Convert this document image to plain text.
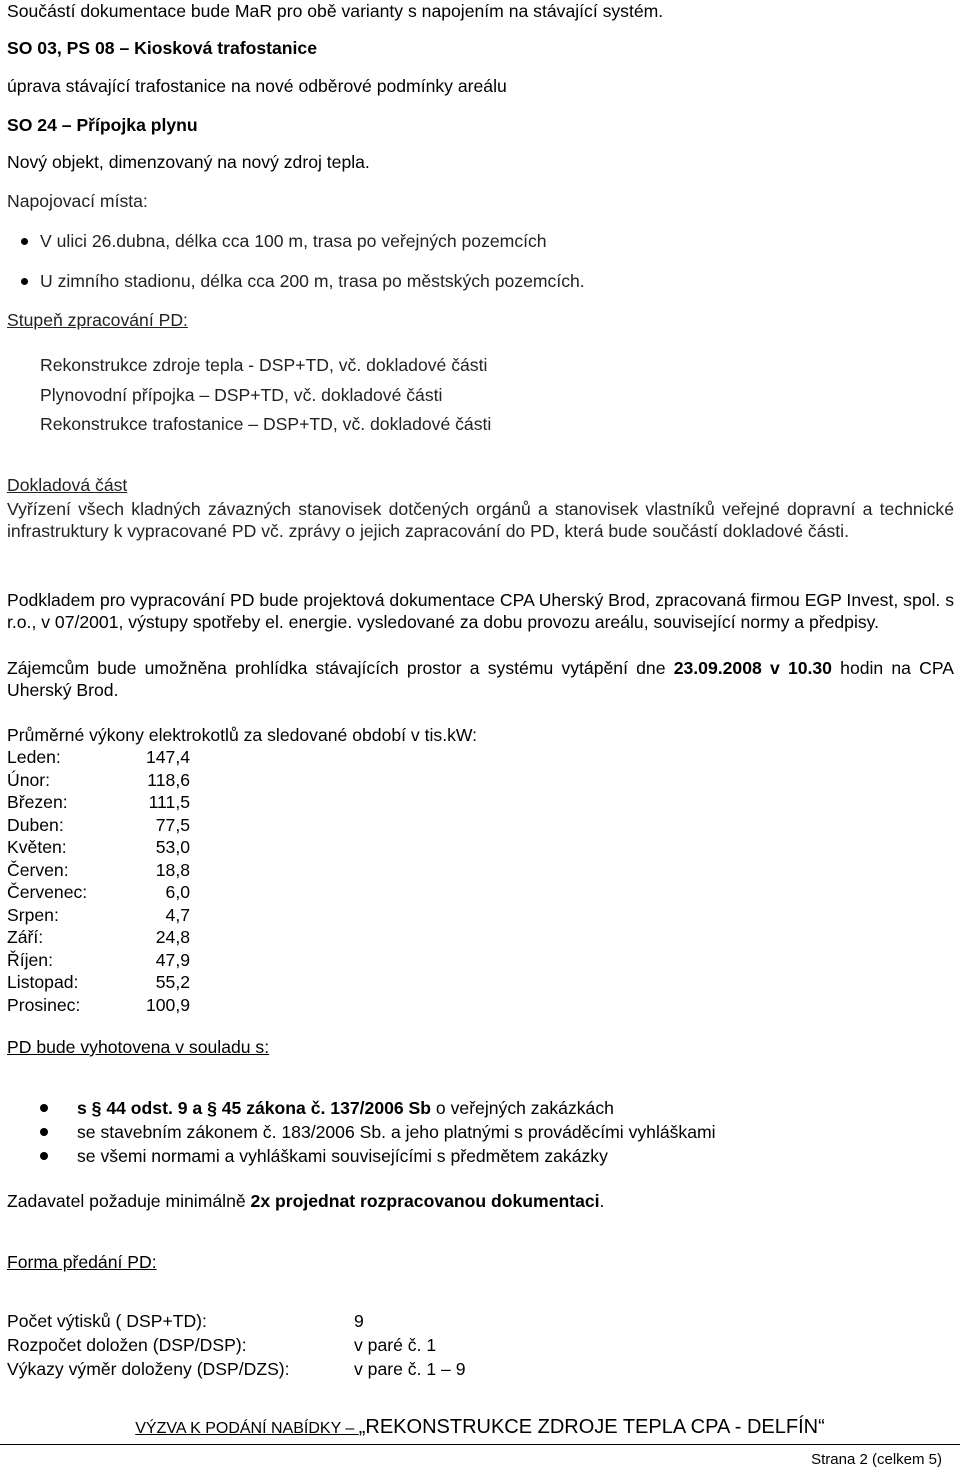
Součástí dokumentace bude MaR pro obě varianty s napojením na stávající systém.
SO 03, PS 08 – Kiosková trafostanice
úprava stávající trafostanice na nové odběrové podmínky areálu
SO 24 – Přípojka plynu
Nový objekt, dimenzovaný na nový zdroj tepla.
Napojovací místa:
V ulici 26.dubna, délka cca 100 m, trasa po veřejných pozemcích
U zimního stadionu, délka cca 200 m, trasa po městských pozemcích.
Stupeň zpracování PD:
Rekonstrukce zdroje tepla - DSP+TD, vč. dokladové části
Plynovodní přípojka – DSP+TD, vč. dokladové části
Rekonstrukce trafostanice – DSP+TD, vč. dokladové části
Dokladová část
Vyřízení všech kladných závazných stanovisek dotčených orgánů a stanovisek vlastníků veřejné dopravní a technické infrastruktury k vypracované PD vč. zprávy o jejich zapracování do PD, která bude součástí dokladové části.
Podkladem pro vypracování PD bude projektová dokumentace CPA Uherský Brod, zpracovaná firmou EGP Invest, spol. s r.o., v 07/2001, výstupy spotřeby el. energie. vysledované za dobu provozu areálu, související normy a předpisy.
Zájemcům bude umožněna prohlídka stávajících prostor a systému vytápění dne 23.09.2008 v 10.30 hodin na CPA Uherský Brod.
Průměrné výkony elektrokotlů za sledované období v tis.kW:
Leden:	147,4
Únor:	118,6
Březen:	111,5
Duben:	77,5
Květen:	53,0
Červen:	18,8
Červenec:	6,0
Srpen:	4,7
Září:	24,8
Říjen:	47,9
Listopad:	55,2
Prosinec:	100,9
PD bude vyhotovena v souladu s:
s § 44 odst. 9 a § 45 zákona č. 137/2006 Sb o veřejných zakázkách
se stavebním zákonem č. 183/2006 Sb. a jeho platnými s prováděcími vyhláškami
se všemi normami a vyhláškami souvisejícími s předmětem zakázky
Zadavatel požaduje minimálně 2x projednat rozpracovanou dokumentaci.
Forma předání PD:
Počet výtisků ( DSP+TD):	9
Rozpočet doložen (DSP/DSP):	v paré č. 1
Výkazy výměr doloženy (DSP/DZS):	v pare č. 1 – 9
VÝZVA K PODÁNÍ NABÍDKY – „REKONSTRUKCE ZDROJE TEPLA CPA - DELFÍN“
Strana 2 (celkem 5)
